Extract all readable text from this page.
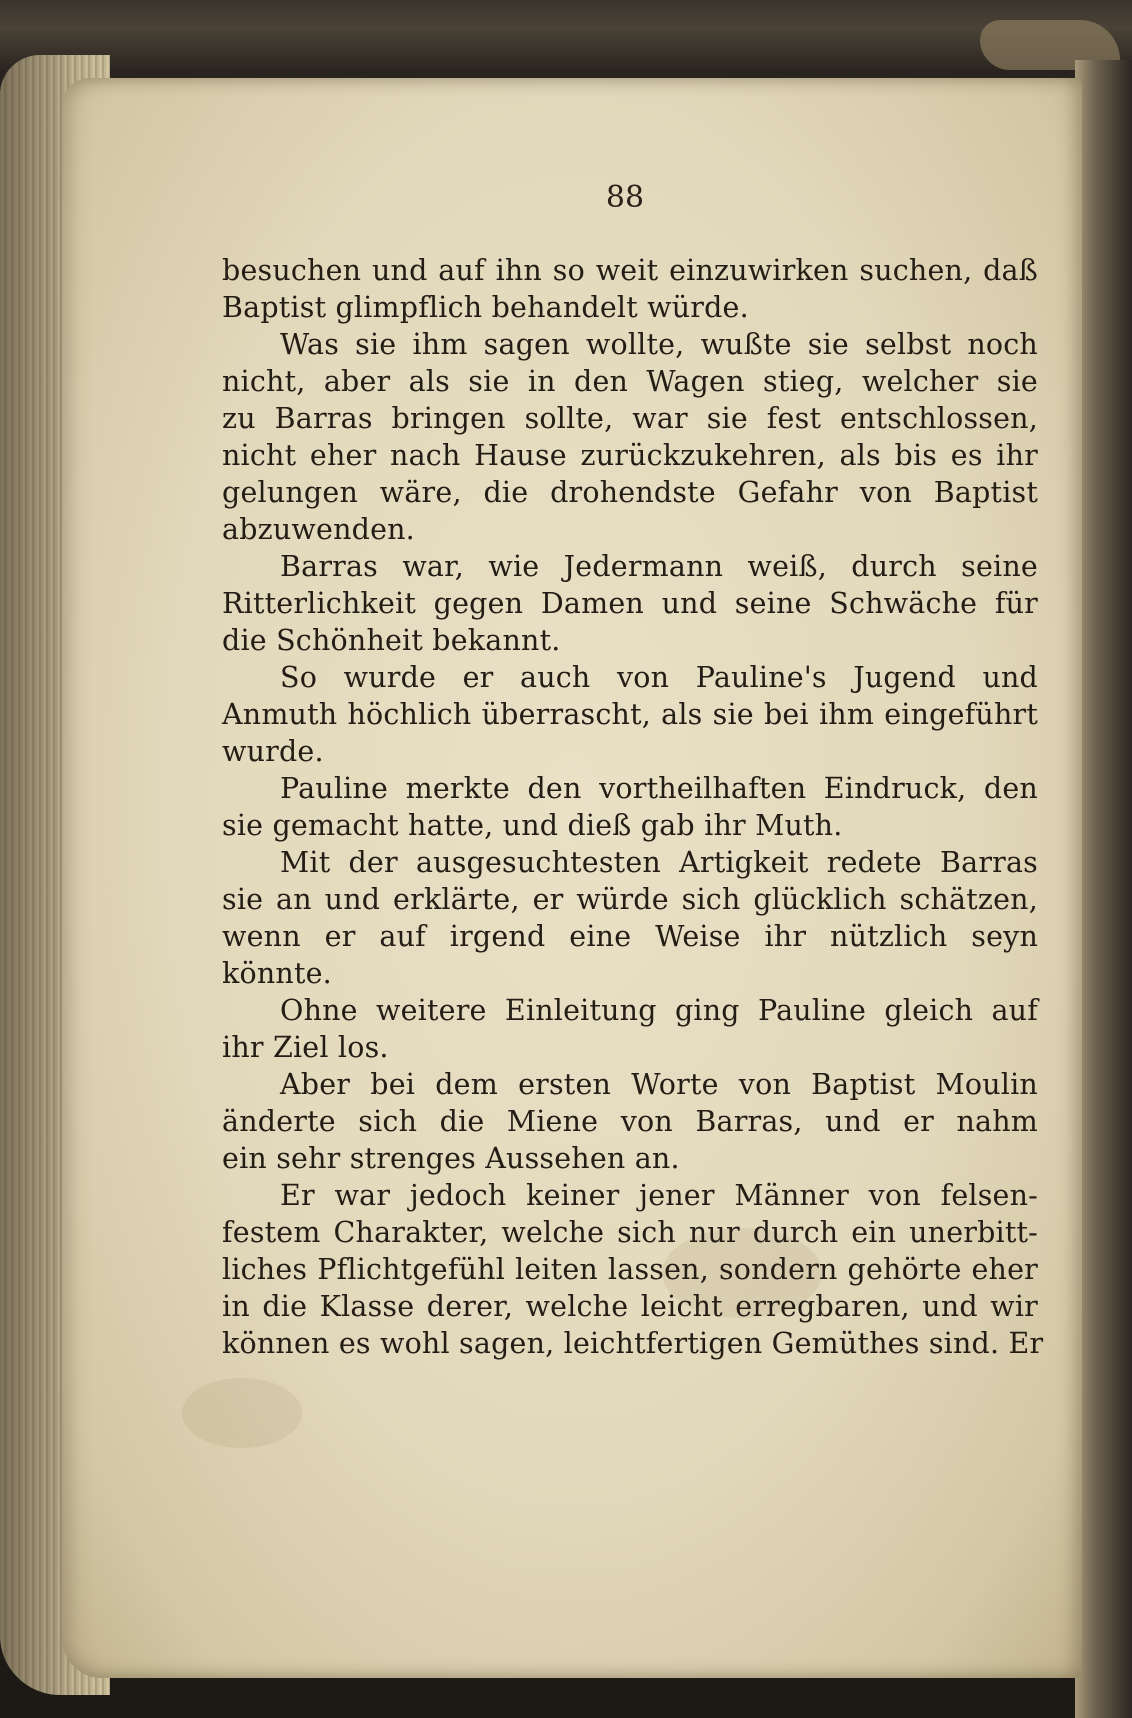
88
besuchen und auf ihn so weit einzuwirken suchen, daß
Baptist glimpflich behandelt würde.
Was sie ihm sagen wollte, wußte sie selbst noch
nicht, aber als sie in den Wagen stieg, welcher sie
zu Barras bringen sollte, war sie fest entschlossen,
nicht eher nach Hause zurückzukehren, als bis es ihr
gelungen wäre, die drohendste Gefahr von Baptist
abzuwenden.
Barras war, wie Jedermann weiß, durch seine
Ritterlichkeit gegen Damen und seine Schwäche für
die Schönheit bekannt.
So wurde er auch von Pauline's Jugend und
Anmuth höchlich überrascht, als sie bei ihm eingeführt
wurde.
Pauline merkte den vortheilhaften Eindruck, den
sie gemacht hatte, und dieß gab ihr Muth.
Mit der ausgesuchtesten Artigkeit redete Barras
sie an und erklärte, er würde sich glücklich schätzen,
wenn er auf irgend eine Weise ihr nützlich seyn
könnte.
Ohne weitere Einleitung ging Pauline gleich auf
ihr Ziel los.
Aber bei dem ersten Worte von Baptist Moulin
änderte sich die Miene von Barras, und er nahm
ein sehr strenges Aussehen an.
Er war jedoch keiner jener Männer von felsen-
festem Charakter, welche sich nur durch ein unerbitt-
liches Pflichtgefühl leiten lassen, sondern gehörte eher
in die Klasse derer, welche leicht erregbaren, und wir
können es wohl sagen, leichtfertigen Gemüthes sind. Er
